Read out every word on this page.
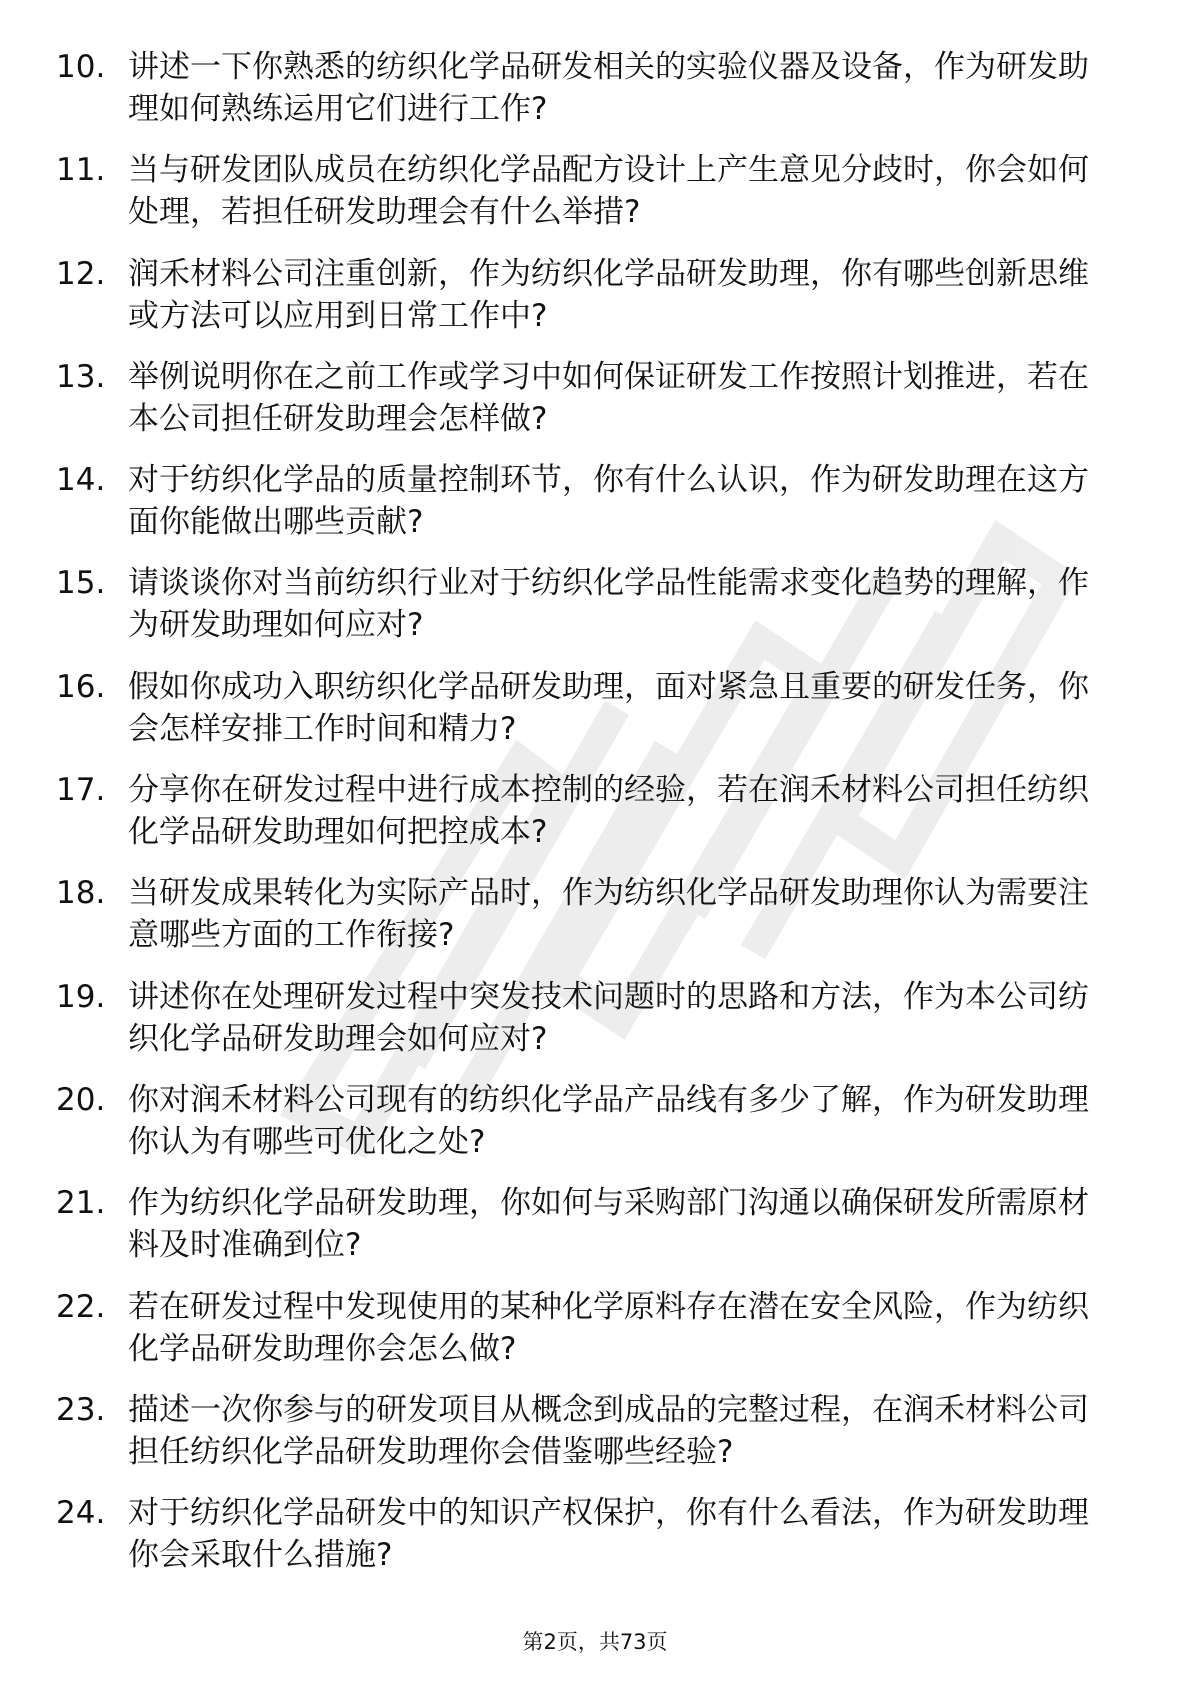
10. 讲述一下你熟悉的纺织化学品研发相关的实验仪器及设备，作为研发助理如何熟练运用它们进行工作?
11. 当与研发团队成员在纺织化学品配方设计上产生意见分歧时，你会如何处理，若担任研发助理会有什么举措?
12. 润禾材料公司注重创新，作为纺织化学品研发助理，你有哪些创新思维或方法可以应用到日常工作中?
13. 举例说明你在之前工作或学习中如何保证研发工作按照计划推进，若在本公司担任研发助理会怎样做?
14. 对于纺织化学品的质量控制环节，你有什么认识，作为研发助理在这方面你能做出哪些贡献?
15. 请谈谈你对当前纺织行业对于纺织化学品性能需求变化趋势的理解，作为研发助理如何应对?
16. 假如你成功入职纺织化学品研发助理，面对紧急且重要的研发任务，你会怎样安排工作时间和精力?
17. 分享你在研发过程中进行成本控制的经验，若在润禾材料公司担任纺织化学品研发助理如何把控成本?
18. 当研发成果转化为实际产品时，作为纺织化学品研发助理你认为需要注意哪些方面的工作衔接?
19. 讲述你在处理研发过程中突发技术问题时的思路和方法，作为本公司纺织化学品研发助理会如何应对?
20. 你对润禾材料公司现有的纺织化学品产品线有多少了解，作为研发助理你认为有哪些可优化之处?
21. 作为纺织化学品研发助理，你如何与采购部门沟通以确保研发所需原材料及时准确到位?
22. 若在研发过程中发现使用的某种化学原料存在潜在安全风险，作为纺织化学品研发助理你会怎么做?
23. 描述一次你参与的研发项目从概念到成品的完整过程，在润禾材料公司担任纺织化学品研发助理你会借鉴哪些经验?
24. 对于纺织化学品研发中的知识产权保护，你有什么看法，作为研发助理你会采取什么措施?
第2页，共73页
